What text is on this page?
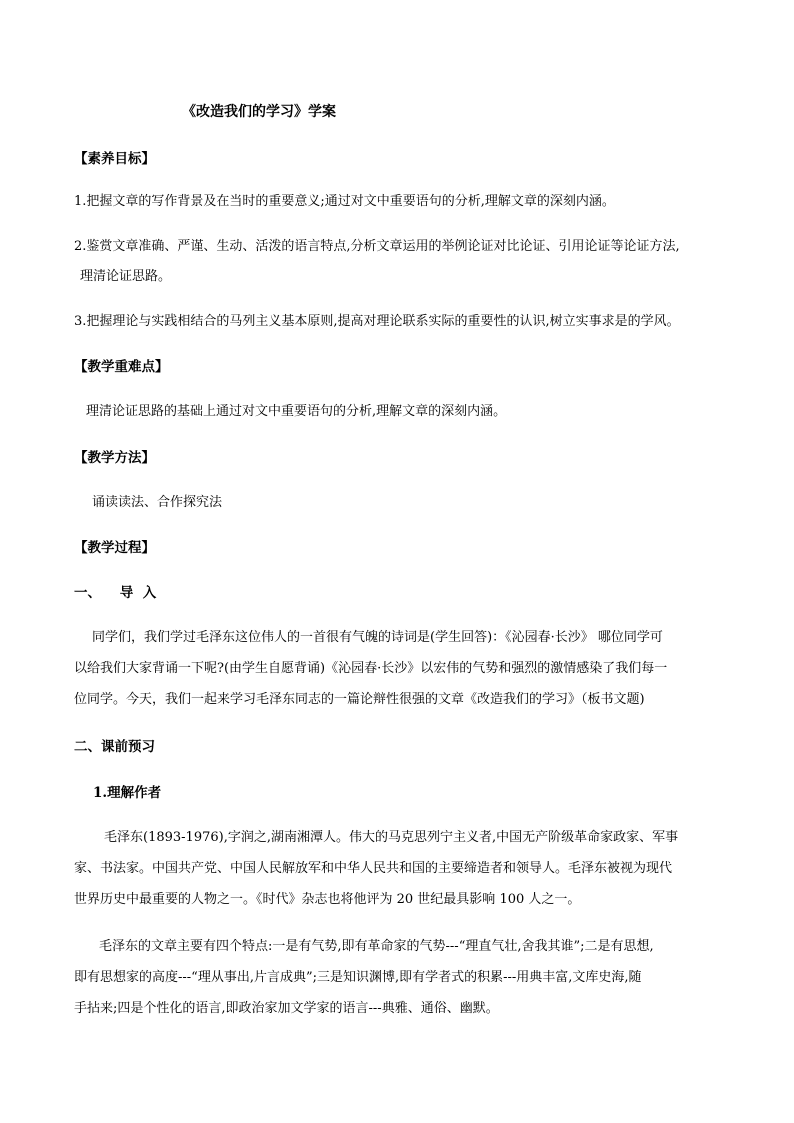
《改造我们的学习》学案
【素养目标】
1.把握文章的写作背景及在当时的重要意义;通过对文中重要语句的分析,理解文章的深刻内涵。
2.鉴赏文章准确、严谨、生动、活泼的语言特点,分析文章运用的举例论证对比论证、引用论证等论证方法,
理清论证思路。
3.把握理论与实践相结合的马列主义基本原则,提高对理论联系实际的重要性的认识,树立实事求是的学风。
【教学重难点】
理清论证思路的基础上通过对文中重要语句的分析,理解文章的深刻内涵。
【教学方法】
诵读读法、合作探究法
【教学过程】
一、    导  入
同学们，我们学过毛泽东这位伟人的一首很有气魄的诗词是(学生回答)：《沁园春·长沙》 哪位同学可
以给我们大家背诵一下呢?(由学生自愿背诵)《沁园春·长沙》以宏伟的气势和强烈的激情感染了我们每一
位同学。今天，我们一起来学习毛泽东同志的一篇论辩性很强的文章《改造我们的学习》（板书文题)
二、课前预习
1.理解作者
毛泽东(1893-1976),字润之,湖南湘潭人。伟大的马克思列宁主义者,中国无产阶级革命家政家、军事
家、书法家。中国共产党、中国人民解放军和中华人民共和国的主要缔造者和领导人。毛泽东被视为现代
世界历史中最重要的人物之一。《时代》杂志也将他评为 20 世纪最具影响 100 人之一。
毛泽东的文章主要有四个特点:一是有气势,即有革命家的气势---“理直气壮,舍我其谁”;二是有思想,
即有思想家的高度---“理从事出,片言成典”;三是知识渊博,即有学者式的积累---用典丰富,文库史海,随
手拈来;四是个性化的语言,即政治家加文学家的语言---典雅、通俗、幽默。
